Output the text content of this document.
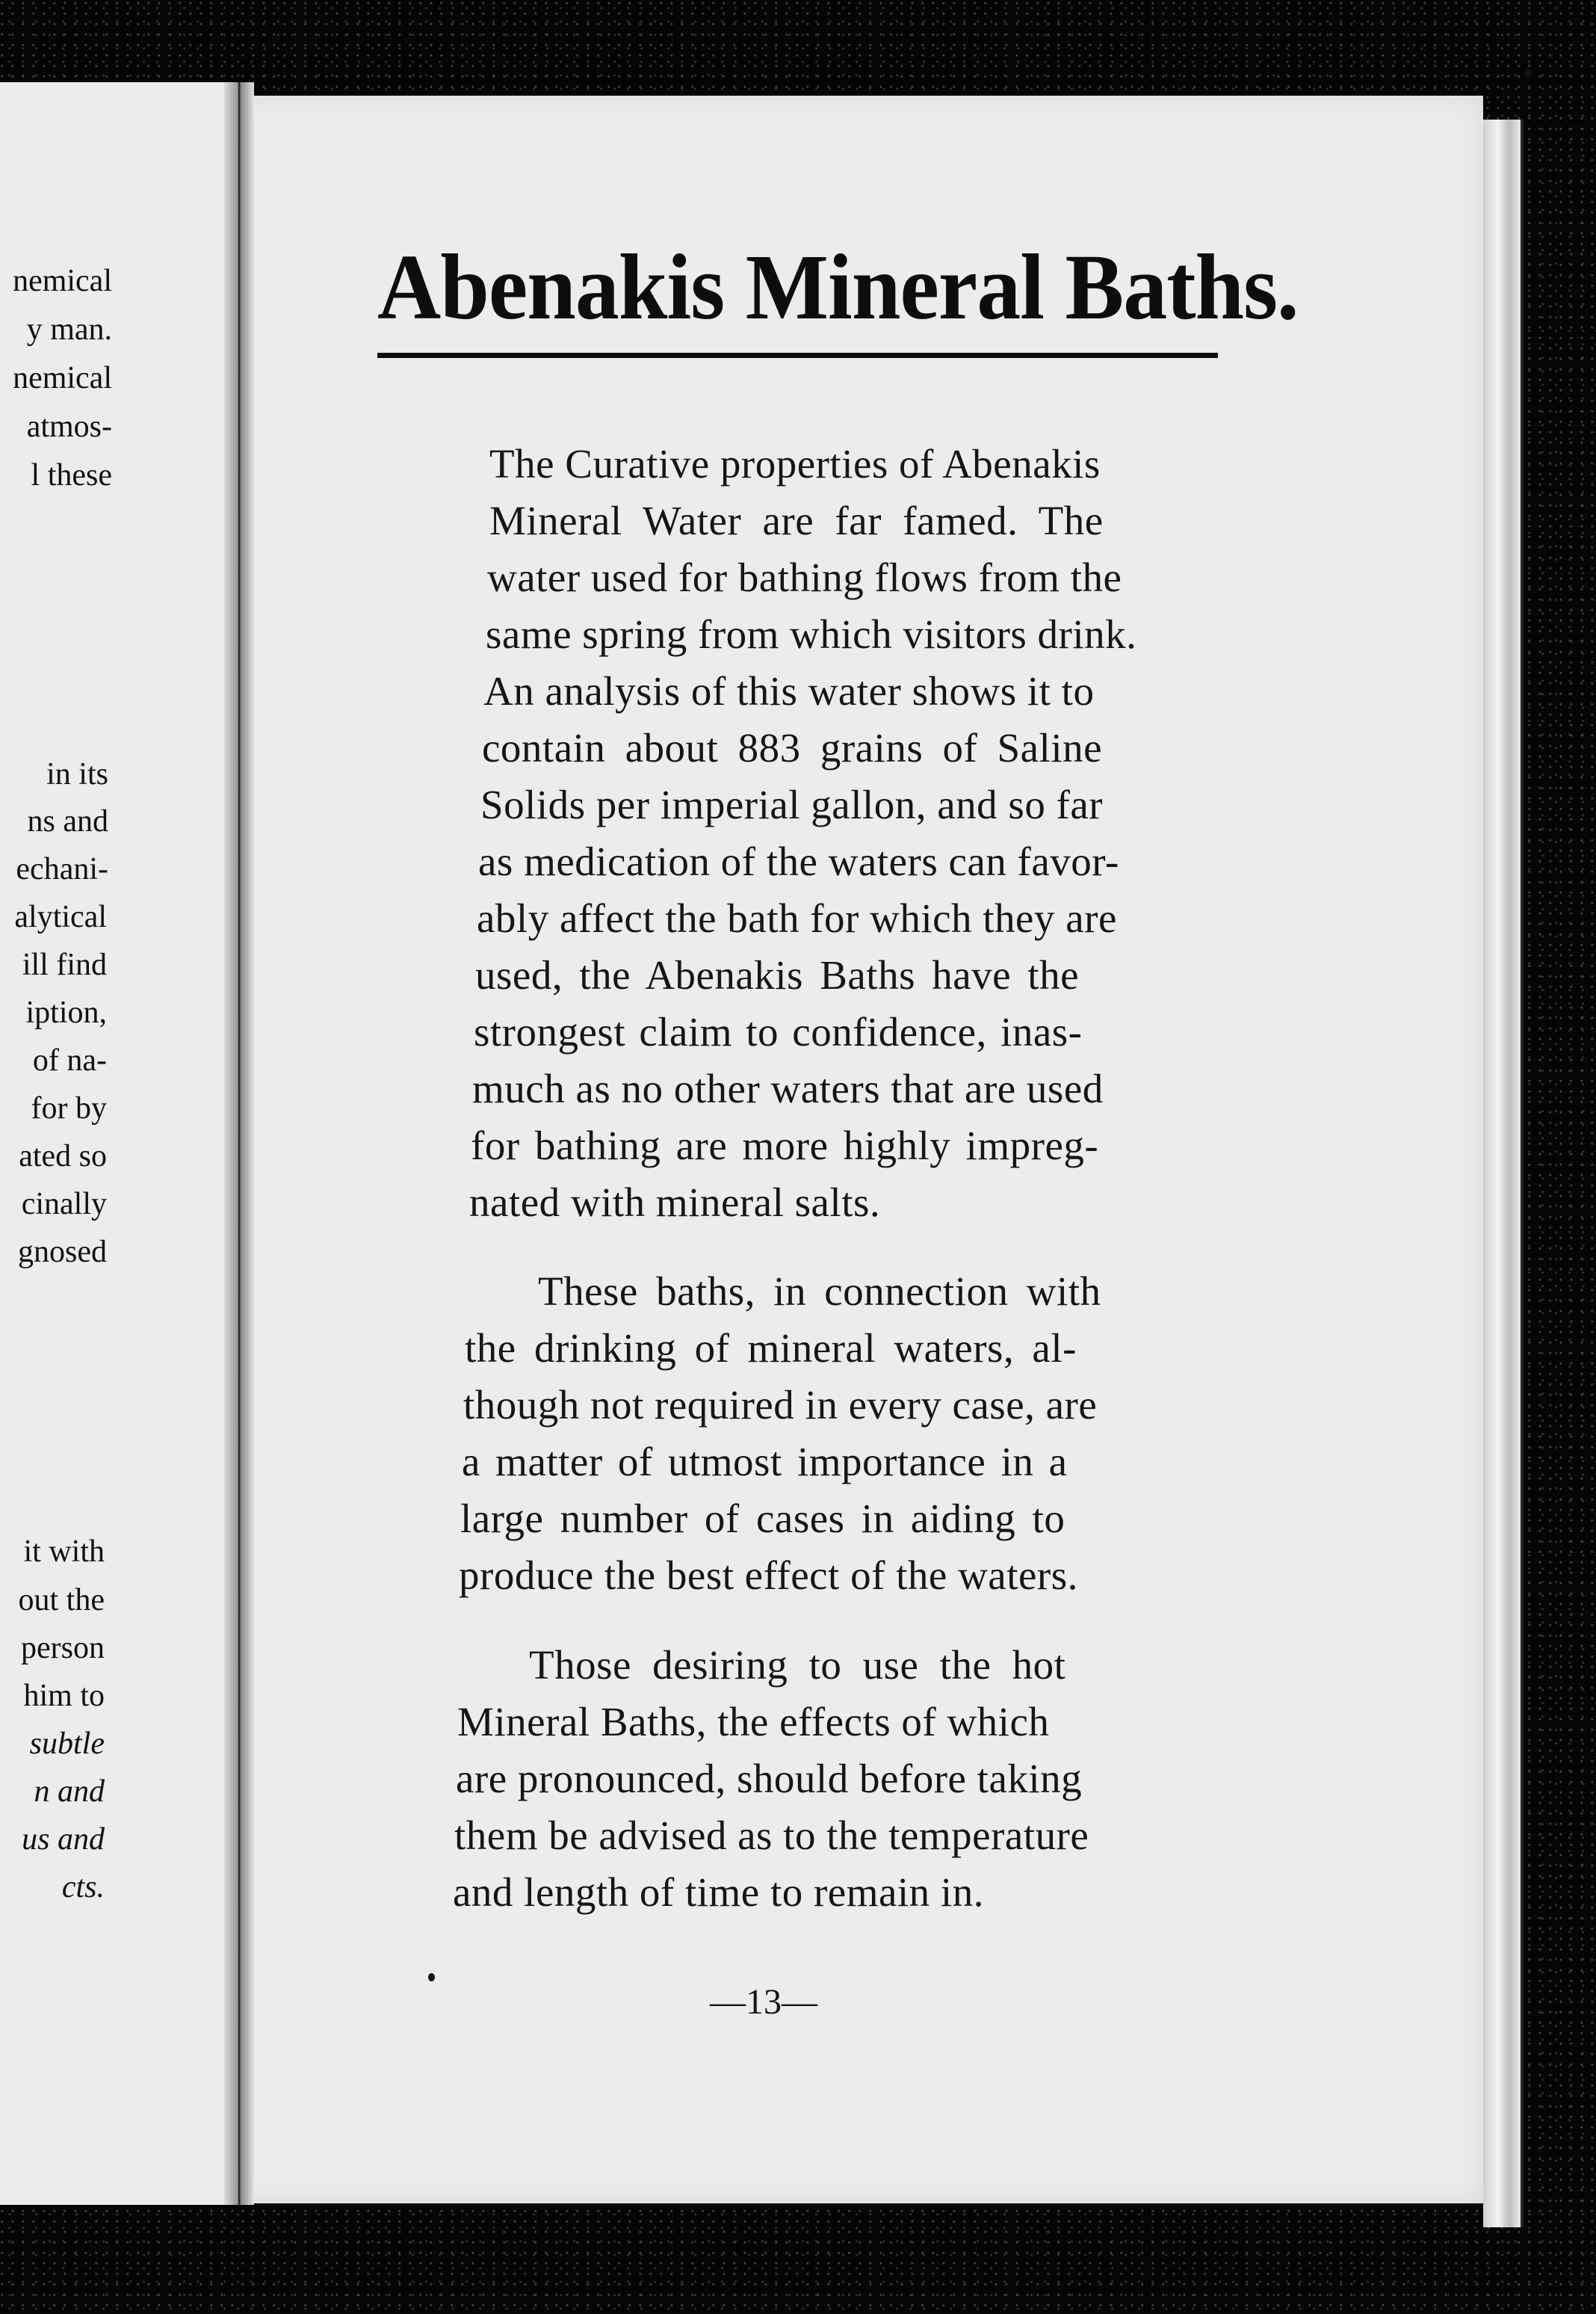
nemical
y man.
nemical
atmos-
l these
in its
ns and
echani-
alytical
ill find
iption,
of na-
for by
ated so
cinally
gnosed
it with
out the
person
him to
subtle
n and
us and
cts.
Abenakis Mineral Baths.
The Curative properties of Abenakis
Mineral Water are far famed. The
water used for bathing flows from the
same spring from which visitors drink.
An analysis of this water shows it to
contain about 883 grains of Saline
Solids per imperial gallon, and so far
as medication of the waters can favor-
ably affect the bath for which they are
used, the Abenakis Baths have the
strongest claim to confidence, inas-
much as no other waters that are used
for bathing are more highly impreg-
nated with mineral salts.
These baths, in connection with
the drinking of mineral waters, al-
though not required in every case, are
a matter of utmost importance in a
large number of cases in aiding to
produce the best effect of the waters.
Those desiring to use the hot
Mineral Baths, the effects of which
are pronounced, should before taking
them be advised as to the temperature
and length of time to remain in.
—13—
